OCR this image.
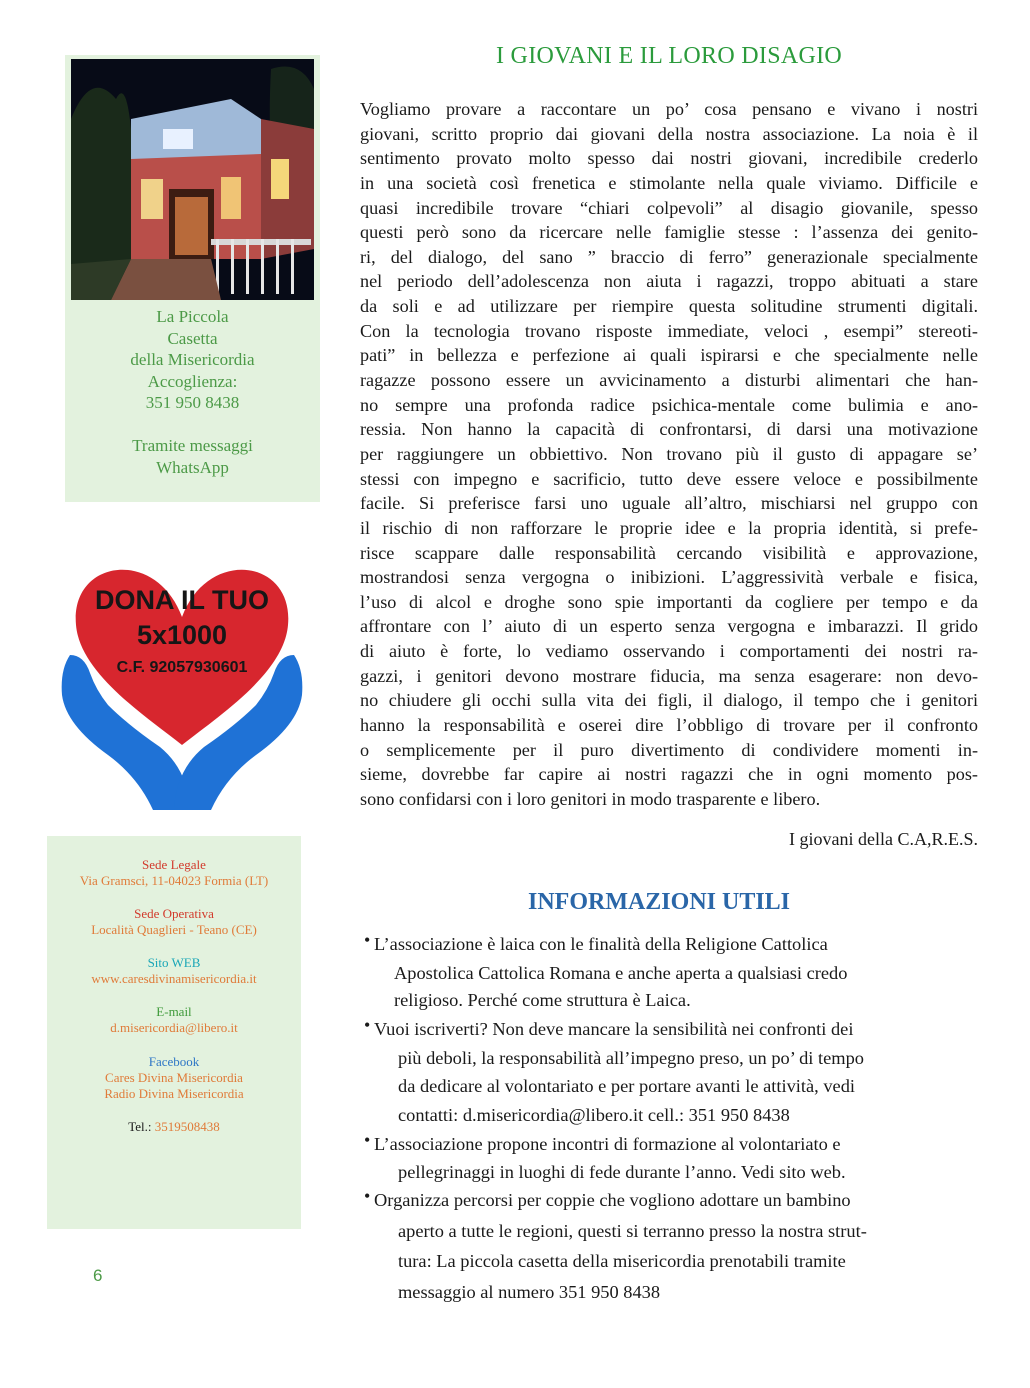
La Piccola
Casetta
della Misericordia
Accoglienza:
351 950 8438
Tramite messaggi
WhatsApp
DONA IL TUO
5x1000
C.F. 92057930601
Sede Legale
Via Gramsci, 11-04023 Formia (LT)
Sede Operativa
Località Quaglieri - Teano (CE)
Sito WEB
www.caresdivinamisericordia.it
E-mail
d.misericordia@libero.it
Facebook
Cares Divina Misericordia
Radio Divina Misericordia
Tel.: 3519508438
6
I GIOVANI E IL LORO DISAGIO
Vogliamo provare a raccontare un po’ cosa pensano e vivano i nostri
giovani, scritto proprio dai giovani della nostra associazione. La noia è il
sentimento provato molto spesso dai nostri giovani, incredibile crederlo
in una società così frenetica e stimolante nella quale viviamo. Difficile e
quasi incredibile trovare “chiari colpevoli” al disagio giovanile, spesso
questi però sono da ricercare nelle famiglie stesse : l’assenza dei genito-
ri, del dialogo, del sano ” braccio di ferro” generazionale specialmente
nel periodo dell’adolescenza non aiuta i ragazzi, troppo abituati a stare
da soli e ad utilizzare per riempire questa solitudine strumenti digitali.
Con la tecnologia trovano risposte immediate, veloci , esempi” stereoti-
pati” in bellezza e perfezione ai quali ispirarsi e che specialmente nelle
ragazze possono essere un avvicinamento a disturbi alimentari che han-
no sempre una profonda radice psichica-mentale come bulimia e ano-
ressia. Non hanno la capacità di confrontarsi, di darsi una motivazione
per raggiungere un obbiettivo. Non trovano più il gusto di appagare se’
stessi con impegno e sacrificio, tutto deve essere veloce e possibilmente
facile. Si preferisce farsi uno uguale all’altro, mischiarsi nel gruppo con
il rischio di non rafforzare le proprie idee e la propria identità, si prefe-
risce scappare dalle responsabilità cercando visibilità e approvazione,
mostrandosi senza vergogna o inibizioni. L’aggressività verbale e fisica,
l’uso di alcol e droghe sono spie importanti da cogliere per tempo e da
affrontare con l’ aiuto di un esperto senza vergogna e imbarazzi. Il grido
di aiuto è forte, lo vediamo osservando i comportamenti dei nostri ra-
gazzi, i genitori devono mostrare fiducia, ma senza esagerare: non devo-
no chiudere gli occhi sulla vita dei figli, il dialogo, il tempo che i genitori
hanno la responsabilità e oserei dire l’obbligo di trovare per il confronto
o semplicemente per il puro divertimento di condividere momenti in-
sieme, dovrebbe far capire ai nostri ragazzi che in ogni momento pos-
sono confidarsi con i loro genitori in modo trasparente e libero.
I giovani della C.A,R.E.S.
INFORMAZIONI UTILI
• L’associazione è laica con le finalità della Religione Cattolica
Apostolica Cattolica Romana e anche aperta a qualsiasi credo
religioso. Perché come struttura è Laica.
• Vuoi iscriverti? Non deve mancare la sensibilità nei confronti dei
più deboli, la responsabilità all’impegno preso, un po’ di tempo
da dedicare al volontariato e per portare avanti le attività, vedi
contatti: d.misericordia@libero.it cell.: 351 950 8438
• L’associazione propone incontri di formazione al volontariato e
pellegrinaggi in luoghi di fede durante l’anno. Vedi sito web.
• Organizza percorsi per coppie che vogliono adottare un bambino
aperto a tutte le regioni, questi si terranno presso la nostra strut-
tura: La piccola casetta della misericordia prenotabili tramite
messaggio al numero 351 950 8438
